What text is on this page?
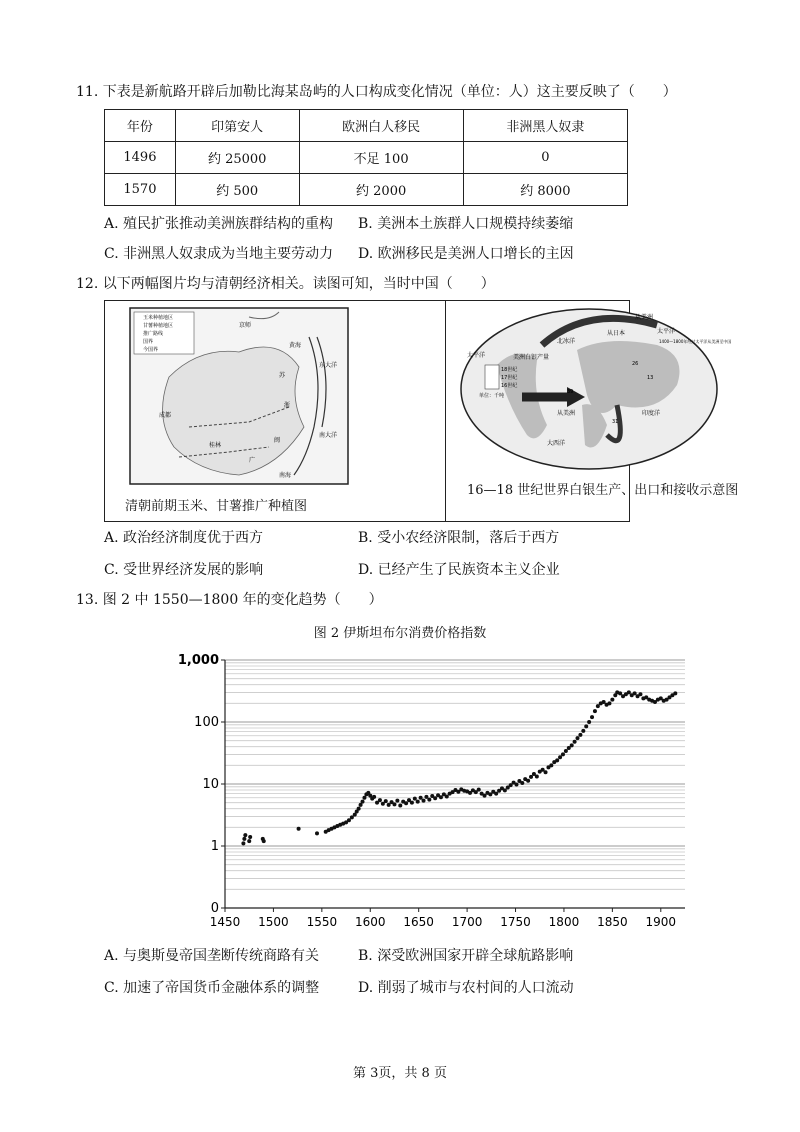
11. 下表是新航路开辟后加勒比海某岛屿的人口构成变化情况（单位：人）这主要反映了（　　）
年份	印第安人	欧洲白人移民	非洲黑人奴隶
1496	约 25000	不足 100	0
1570	约 500	约 2000	约 8000
A. 殖民扩张推动美洲族群结构的重构 B. 美洲本土族群人口规模持续萎缩
C. 非洲黑人奴隶成为当地主要劳动力 D. 欧洲移民是美洲人口增长的主因
12. 以下两幅图片均与清朝经济相关。读图可知，当时中国（　　）
玉米种植地区
甘薯种植地区
推广路线
国界
今国界
京师
黄海
东大洋
南大洋
南海
成都
桂林
闽
浙
苏
广
清朝前期玉米、甘薯推广种植图
太平洋
北冰洋
从日本
从美洲
太平洋
美洲白银产量
18世纪
17世纪
16世纪
单位：千吨
从美洲
大西洋
印度洋
1400—1800年经过太平洋从美洲至中国
39
26
31
13
16—18 世纪世界白银生产、出口和接收示意图
A. 政治经济制度优于西方	B. 受小农经济限制，落后于西方
C. 受世界经济发展的影响	D. 已经产生了民族资本主义企业
13. 图 2 中 1550—1800 年的变化趋势（　　）
图 2 伊斯坦布尔消费价格指数
0
1
10
100
1,000
1450 1500 1550 1600 1650 1700 1750 1800 1850 1900
A. 与奥斯曼帝国垄断传统商路有关	B. 深受欧洲国家开辟全球航路影响
C. 加速了帝国货币金融体系的调整	D. 削弱了城市与农村间的人口流动
第 3页，共 8 页
